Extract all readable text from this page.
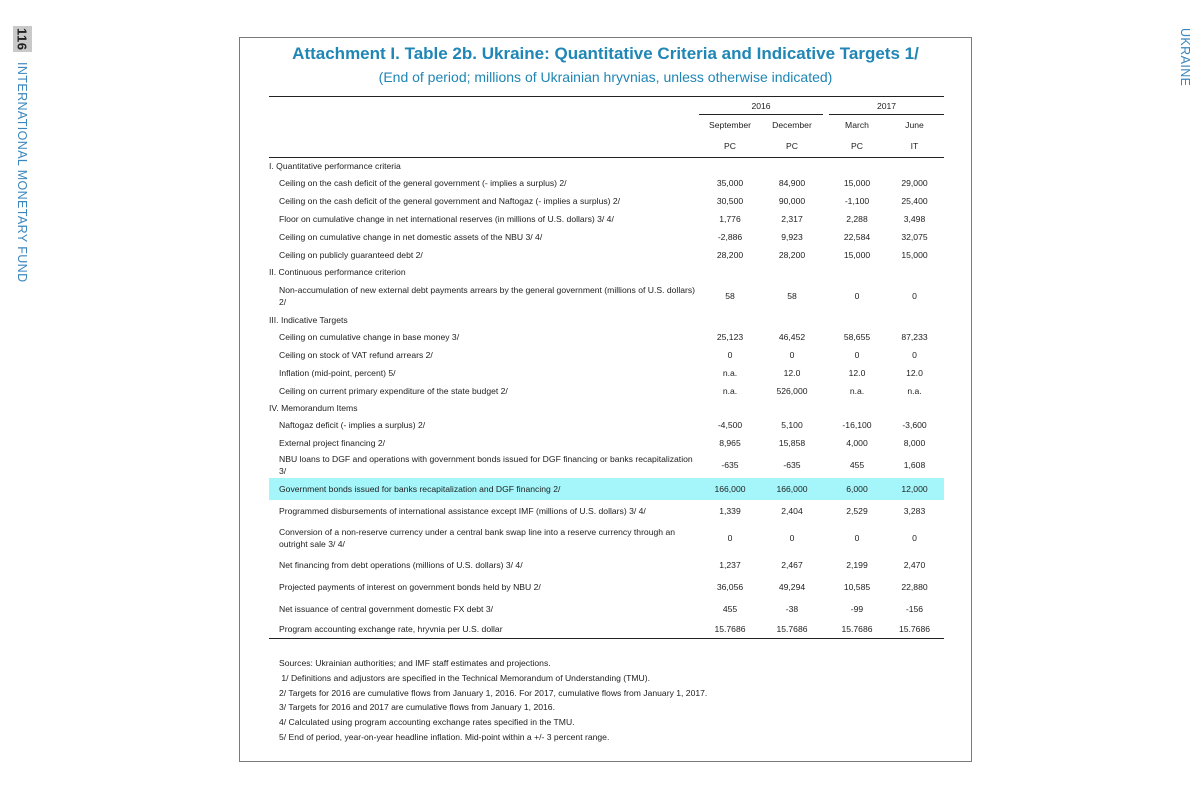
116
INTERNATIONAL MONETARY FUND
UKRAINE
Attachment I. Table 2b. Ukraine: Quantitative Criteria and Indicative Targets 1/
(End of period; millions of Ukrainian hryvnias, unless otherwise indicated)
	2016			2017	
	September	December		March	June
	PC	PC		PC	IT
I. Quantitative performance criteria					
Ceiling on the cash deficit of the general government (- implies a surplus) 2/	35,000	84,900		15,000	29,000
Ceiling on the cash deficit of the general government and Naftogaz (- implies a surplus) 2/	30,500	90,000		-1,100	25,400
Floor on cumulative change in net international reserves (in millions of U.S. dollars) 3/ 4/	1,776	2,317		2,288	3,498
Ceiling on cumulative change in net domestic assets of the NBU 3/ 4/	-2,886	9,923		22,584	32,075
Ceiling on publicly guaranteed debt 2/	28,200	28,200		15,000	15,000
II. Continuous performance criterion					
Non-accumulation of new external debt payments arrears by the general government (millions of U.S. dollars) 2/	58	58		0	0
III. Indicative Targets					
Ceiling on cumulative change in base money 3/	25,123	46,452		58,655	87,233
Ceiling on stock of VAT refund arrears 2/	0	0		0	0
Inflation (mid-point, percent) 5/	n.a.	12.0		12.0	12.0
Ceiling on current primary expenditure of the state budget 2/	n.a.	526,000		n.a.	n.a.
IV. Memorandum Items					
Naftogaz deficit (- implies a surplus) 2/	-4,500	5,100		-16,100	-3,600
External project financing 2/	8,965	15,858		4,000	8,000
NBU loans to DGF and operations with government bonds issued for DGF financing or banks recapitalization 3/	-635	-635		455	1,608
Government bonds issued for banks recapitalization and DGF financing 2/	166,000	166,000		6,000	12,000
Programmed disbursements of international assistance except IMF (millions of U.S. dollars) 3/ 4/	1,339	2,404		2,529	3,283
Conversion of a non-reserve currency under a central bank swap line into a reserve currency through an outright sale 3/ 4/	0	0		0	0
Net financing from debt operations (millions of U.S. dollars) 3/ 4/	1,237	2,467		2,199	2,470
Projected payments of interest on government bonds held by NBU 2/	36,056	49,294		10,585	22,880
Net issuance of central government domestic FX debt 3/	455	-38		-99	-156
Program accounting exchange rate, hryvnia per U.S. dollar	15.7686	15.7686		15.7686	15.7686
Sources: Ukrainian authorities; and IMF staff estimates and projections.
1/ Definitions and adjustors are specified in the Technical Memorandum of Understanding (TMU).
2/ Targets for 2016 are cumulative flows from January 1, 2016. For 2017, cumulative flows from January 1, 2017.
3/ Targets for 2016 and 2017 are cumulative flows from January 1, 2016.
4/ Calculated using program accounting exchange rates specified in the TMU.
5/ End of period, year-on-year headline inflation. Mid-point within a +/- 3 percent range.
